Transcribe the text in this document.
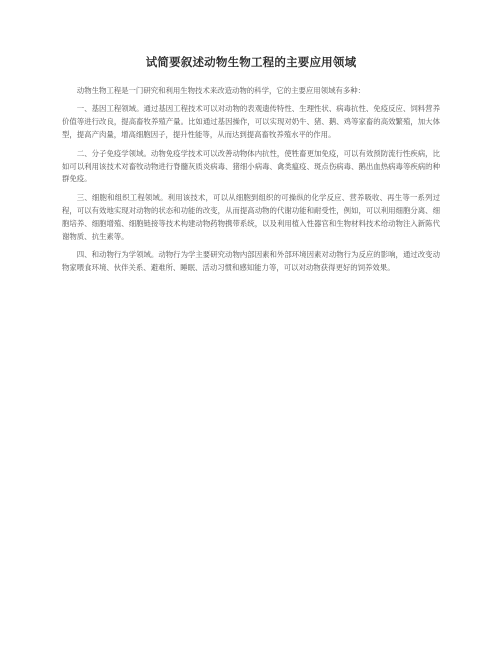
试简要叙述动物生物工程的主要应用领域

动物生物工程是一门研究和利用生物技术来改造动物的科学，它的主要应用领域有多种：

一、基因工程领域。通过基因工程技术可以对动物的表观遗传特性、生理性状、病毒抗性、免疫反应、饲料营养价值等进行改良，提高畜牧养殖产量。比如通过基因操作，可以实现对奶牛、猪、鹅、鸡等家畜的高效繁殖，加大体型，提高产肉量，增高细胞因子，提升性能等，从而达到提高畜牧养殖水平的作用。

二、分子免疫学领域。动物免疫学技术可以改善动物体内抗性，使牲畜更加免疫，可以有效预防流行性疾病，比如可以利用该技术对畜牧动物进行脊髓灰质炎病毒、猪细小病毒、禽类瘟疫、斑点伤病毒、鹅出血热病毒等疾病的种群免疫。

三、细胞和组织工程领域。利用该技术，可以从细胞到组织的可操纵的化学反应、营养吸收、再生等一系列过程，可以有效地实现对动物的状态和功能的改变，从而提高动物的代谢功能和耐受性，例如，可以利用细胞分离、细胞培养、细胞增殖、细胞链接等技术构建动物药物携带系统，以及利用植入性器官和生物材料技术给动物注入新陈代谢物质、抗生素等。

四、和动物行为学领域。动物行为学主要研究动物内部因素和外部环境因素对动物行为反应的影响，通过改变动物家喂食环境、伙伴关系、避难所、睡眠、活动习惯和感知能力等，可以对动物获得更好的饲养效果。
